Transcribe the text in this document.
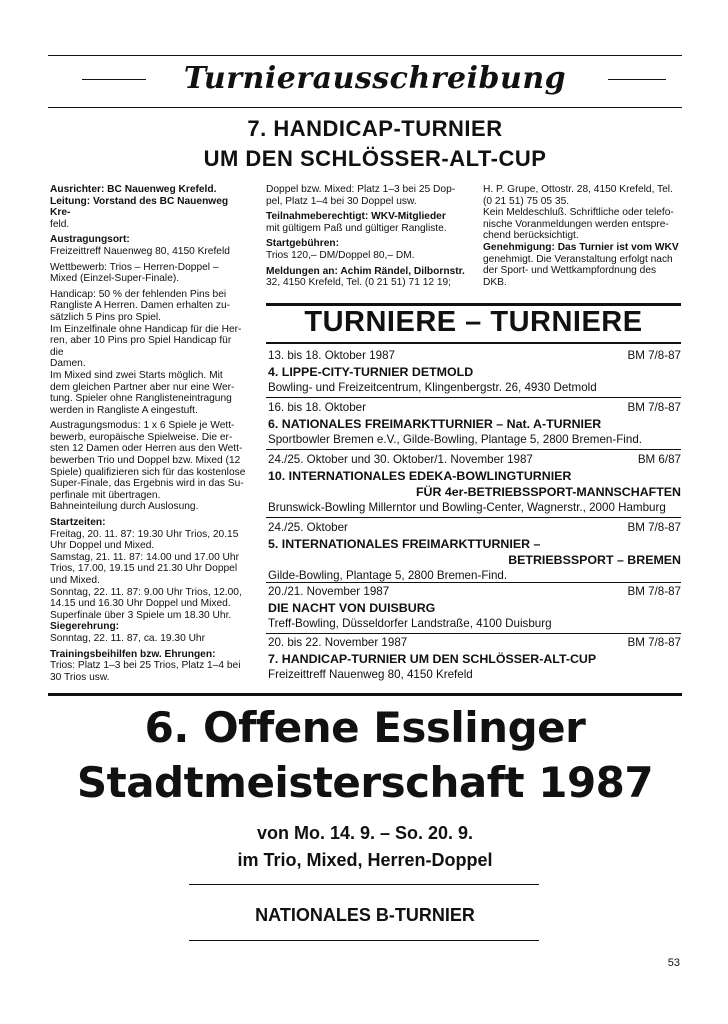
Turnierausschreibung
7. HANDICAP-TURNIER
UM DEN SCHLÖSSER-ALT-CUP

Ausrichter: BC Nauenweg Krefeld.
Leitung: Vorstand des BC Nauenweg Kre-
feld.

Austragungsort:
Freizeittreff Nauenweg 80, 4150 Krefeld

Wettbewerb: Trios – Herren-Doppel –
Mixed (Einzel-Super-Finale).

Handicap: 50 % der fehlenden Pins bei
Rangliste A Herren. Damen erhalten zu-
sätzlich 5 Pins pro Spiel.
Im Einzelfinale ohne Handicap für die Her-
ren, aber 10 Pins pro Spiel Handicap für die
Damen.
Im Mixed sind zwei Starts möglich. Mit
dem gleichen Partner aber nur eine Wer-
tung. Spieler ohne Ranglisteneintragung
werden in Rangliste A eingestuft.

Austragungsmodus: 1 x 6 Spiele je Wett-
bewerb, europäische Spielweise. Die er-
sten 12 Damen oder Herren aus den Wett-
bewerben Trio und Doppel bzw. Mixed (12
Spiele) qualifizieren sich für das kostenlose
Super-Finale, das Ergebnis wird in das Su-
perfinale mit übertragen.
Bahneinteilung durch Auslosung.

Startzeiten:
Freitag, 20. 11. 87: 19.30 Uhr Trios, 20.15
Uhr Doppel und Mixed.
Samstag, 21. 11. 87: 14.00 und 17.00 Uhr
Trios, 17.00, 19.15 und 21.30 Uhr Doppel
und Mixed.
Sonntag, 22. 11. 87: 9.00 Uhr Trios, 12.00,
14.15 und 16.30 Uhr Doppel und Mixed.
Superfinale über 3 Spiele um 18.30 Uhr.
Siegerehrung:
Sonntag, 22. 11. 87, ca. 19.30 Uhr

Trainingsbeihilfen bzw. Ehrungen:
Trios: Platz 1–3 bei 25 Trios, Platz 1–4 bei
30 Trios usw.

Doppel bzw. Mixed: Platz 1–3 bei 25 Dop-
pel, Platz 1–4 bei 30 Doppel usw.

Teilnahmeberechtigt: WKV-Mitglieder
mit gültigem Paß und gültiger Rangliste.

Startgebühren:
Trios 120,– DM/Doppel 80,– DM.

Meldungen an: Achim Rändel, Dilbornstr.
32, 4150 Krefeld, Tel. (0 21 51) 71 12 19;

H. P. Grupe, Ottostr. 28, 4150 Krefeld, Tel.
(0 21 51) 75 05 35.
Kein Meldeschluß. Schriftliche oder telefo-
nische Voranmeldungen werden entspre-
chend berücksichtigt.
Genehmigung: Das Turnier ist vom WKV
genehmigt. Die Veranstaltung erfolgt nach
der Sport- und Wettkampfordnung des
DKB.

TURNIERE – TURNIERE
13. bis 18. Oktober 1987	BM 7/8-87
4. LIPPE-CITY-TURNIER DETMOLD
Bowling- und Freizeitcentrum, Klingenbergstr. 26, 4930 Detmold
16. bis 18. Oktober	BM 7/8-87
6. NATIONALES FREIMARKTTURNIER – Nat. A-TURNIER
Sportbowler Bremen e.V., Gilde-Bowling, Plantage 5, 2800 Bremen-Find.
24./25. Oktober und 30. Oktober/1. November 1987	BM 6/87
10. INTERNATIONALES EDEKA-BOWLINGTURNIER
FÜR 4er-BETRIEBSSPORT-MANNSCHAFTEN
Brunswick-Bowling Millerntor und Bowling-Center, Wagnerstr., 2000 Hamburg
24./25. Oktober	BM 7/8-87
5. INTERNATIONALES FREIMARKTTURNIER –
BETRIEBSSPORT – BREMEN
Gilde-Bowling, Plantage 5, 2800 Bremen-Find.
20./21. November 1987	BM 7/8-87
DIE NACHT VON DUISBURG
Treff-Bowling, Düsseldorfer Landstraße, 4100 Duisburg
20. bis 22. November 1987	BM 7/8-87
7. HANDICAP-TURNIER UM DEN SCHLÖSSER-ALT-CUP
Freizeittreff Nauenweg 80, 4150 Krefeld
6. Offene Esslinger
Stadtmeisterschaft 1987
von Mo. 14. 9. – So. 20. 9.
im Trio, Mixed, Herren-Doppel
NATIONALES B-TURNIER
53
